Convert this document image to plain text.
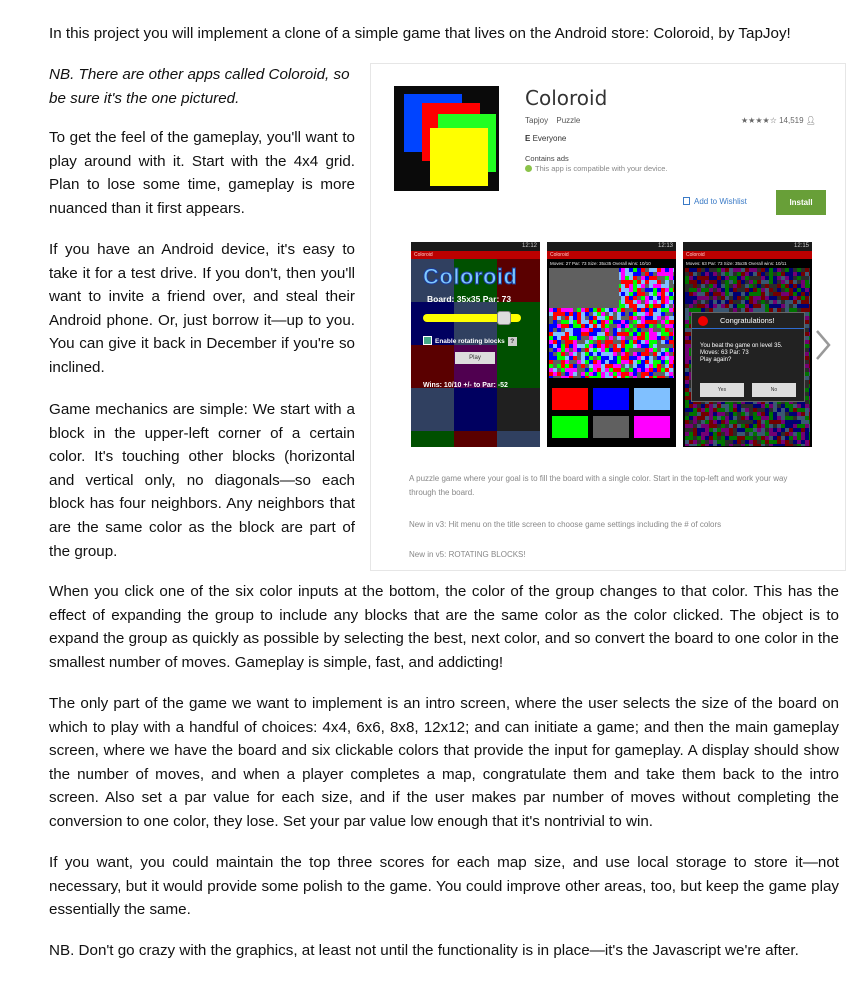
In this project you will implement a clone of a simple game that lives on the Android store: Coloroid, by TapJoy!
NB. There are other apps called Coloroid, so be sure it's the one pictured.
To get the feel of the gameplay, you'll want to play around with it. Start with the 4x4 grid. Plan to lose some time, gameplay is more nuanced than it first appears.
If you have an Android device, it's easy to take it for a test drive. If you don't, then you'll want to invite a friend over, and steal their Android phone. Or, just borrow it—up to you. You can give it back in December if you're so inclined.
Game mechanics are simple: We start with a block in the upper-left corner of a certain color. It's touching other blocks (horizontal and vertical only, no diagonals—so each block has four neighbors. Any neighbors that are the same color as the block are part of the group.
When you click one of the six color inputs at the bottom, the color of the group changes to that color. This has the effect of expanding the group to include any blocks that are the same color as the color clicked. The object is to expand the group as quickly as possible by selecting the best, next color, and so convert the board to one color in the smallest number of moves. Gameplay is simple, fast, and addicting!
The only part of the game we want to implement is an intro screen, where the user selects the size of the board on which to play with a handful of choices: 4x4, 6x6, 8x8, 12x12; and can initiate a game; and then the main gameplay screen, where we have the board and six clickable colors that provide the input for gameplay. A display should show the number of moves, and when a player completes a map, congratulate them and take them back to the intro screen. Also set a par value for each size, and if the user makes par number of moves without completing the conversion to one color, they lose. Set your par value low enough that it's nontrivial to win.
If you want, you could maintain the top three scores for each map size, and use local storage to store it—not necessary, but it would provide some polish to the game. You could improve other areas, too, but keep the game play essentially the same.
NB. Don't go crazy with the graphics, at least not until the functionality is in place—it's the Javascript we're after.
Coloroid
Tapjoy Puzzle	★★★★☆ 14,519 👤︎
E Everyone
Contains ads
This app is compatible with your device.
Add to Wishlist	Install
12:12
Coloroid
Coloroid
Board: 35x35 Par: 73
Enable rotating blocks ?
Play
Wins: 10/10 +/- to Par: -52
12:13
Coloroid
Moves: 27 Par: 73 Size: 35x35 Overall wins: 10/10
12:15
Coloroid
Moves: 63 Par: 73 Size: 35x35 Overall wins: 10/11
Congratulations!
You beat the game on level 35.
Moves: 63 Par: 73
Play again?
Yes	No
A puzzle game where your goal is to fill the board with a single color. Start in the top-left and work your way through the board.
New in v3: Hit menu on the title screen to choose game settings including the # of colors
New in v5: ROTATING BLOCKS!
